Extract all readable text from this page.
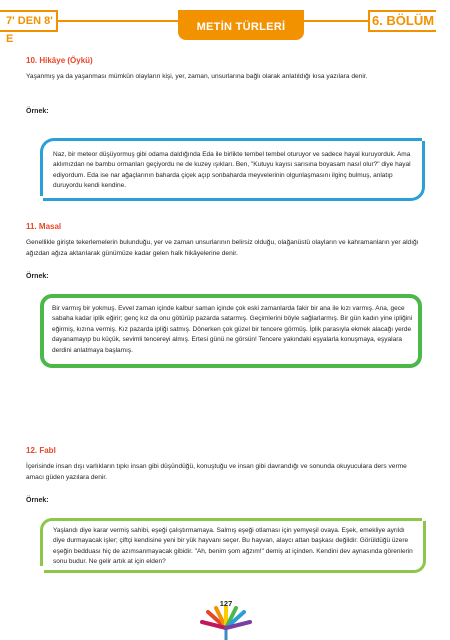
7' DEN 8' E
METİN TÜRLERİ	6. BÖLÜM
10. Hikâye (Öykü)
Yaşanmış ya da yaşanması mümkün olayların kişi, yer, zaman, unsurlarına bağlı olarak anlatıldığı kısa yazılara denir.
Örnek:
Naz, bir meteor düşüyormuş gibi odama daldığında Eda ile birlikte tembel tembel oturuyor ve sadece hayal kuruyorduk. Ama aklımızdan ne bambu ormanları geçiyordu ne de kuzey ışıkları. Ben, "Kutuyu kayısı sarısına boyasam nasıl olur?" diye hayal ediyordum. Eda ise nar ağaçlarının baharda çiçek açıp sonbaharda meyvelerinin olgunlaşmasını ilginç bulmuş, anlatıp duruyordu kendi kendine.
11. Masal
Genellikle girişte tekerlemelerin bulunduğu, yer ve zaman unsurlarının belirsiz olduğu, olağanüstü olayların ve kahramanların yer aldığı ağızdan ağıza aktarılarak günümüze kadar gelen halk hikâyelerine denir.
Örnek:
Bir varmış bir yokmuş. Evvel zaman içinde kalbur saman içinde çok eski zamanlarda fakir bir ana ile kızı varmış. Ana, gece sabaha kadar iplik eğirir; genç kız da onu götürüp pazarda satarmış. Geçimlerini böyle sağlarlarmış. Bir gün kadın yine ipliğini eğirmiş, kızına vermiş. Kız pazarda ipliği satmış. Dönerken çok güzel bir tencere görmüş. İplik parasıyla ekmek alacağı yerde dayanamayıp bu küçük, sevimli tencereyi almış. Ertesi günü ne görsün! Tencere yakındaki eşyalarla konuşmaya, eşyalara derdini anlatmaya başlamış.
12. Fabl
İçerisinde insan dışı varlıkların tıpkı insan gibi düşündüğü, konuştuğu ve insan gibi davrandığı ve sonunda okuyuculara ders verme amacı güden yazılara denir.
Örnek:
Yaşlandı diye karar vermiş sahibi, eşeği çalıştırmamaya. Salmış eşeği otlaması için yemyeşil ovaya. Eşek, emekliye ayrıldı diye durmayacak işler; çiftçi kendisine yeni bir yük hayvanı seçer. Bu hayvan, alaycı attan başkası değildir. Görüldüğü üzere eşeğin bedduası hiç de azımsanmayacak gibidir. "Ah, benim şom ağzım!" demiş at içinden. Kendini dev aynasında görenlerin sonu budur. Ne gelir artık at için elden?
127
